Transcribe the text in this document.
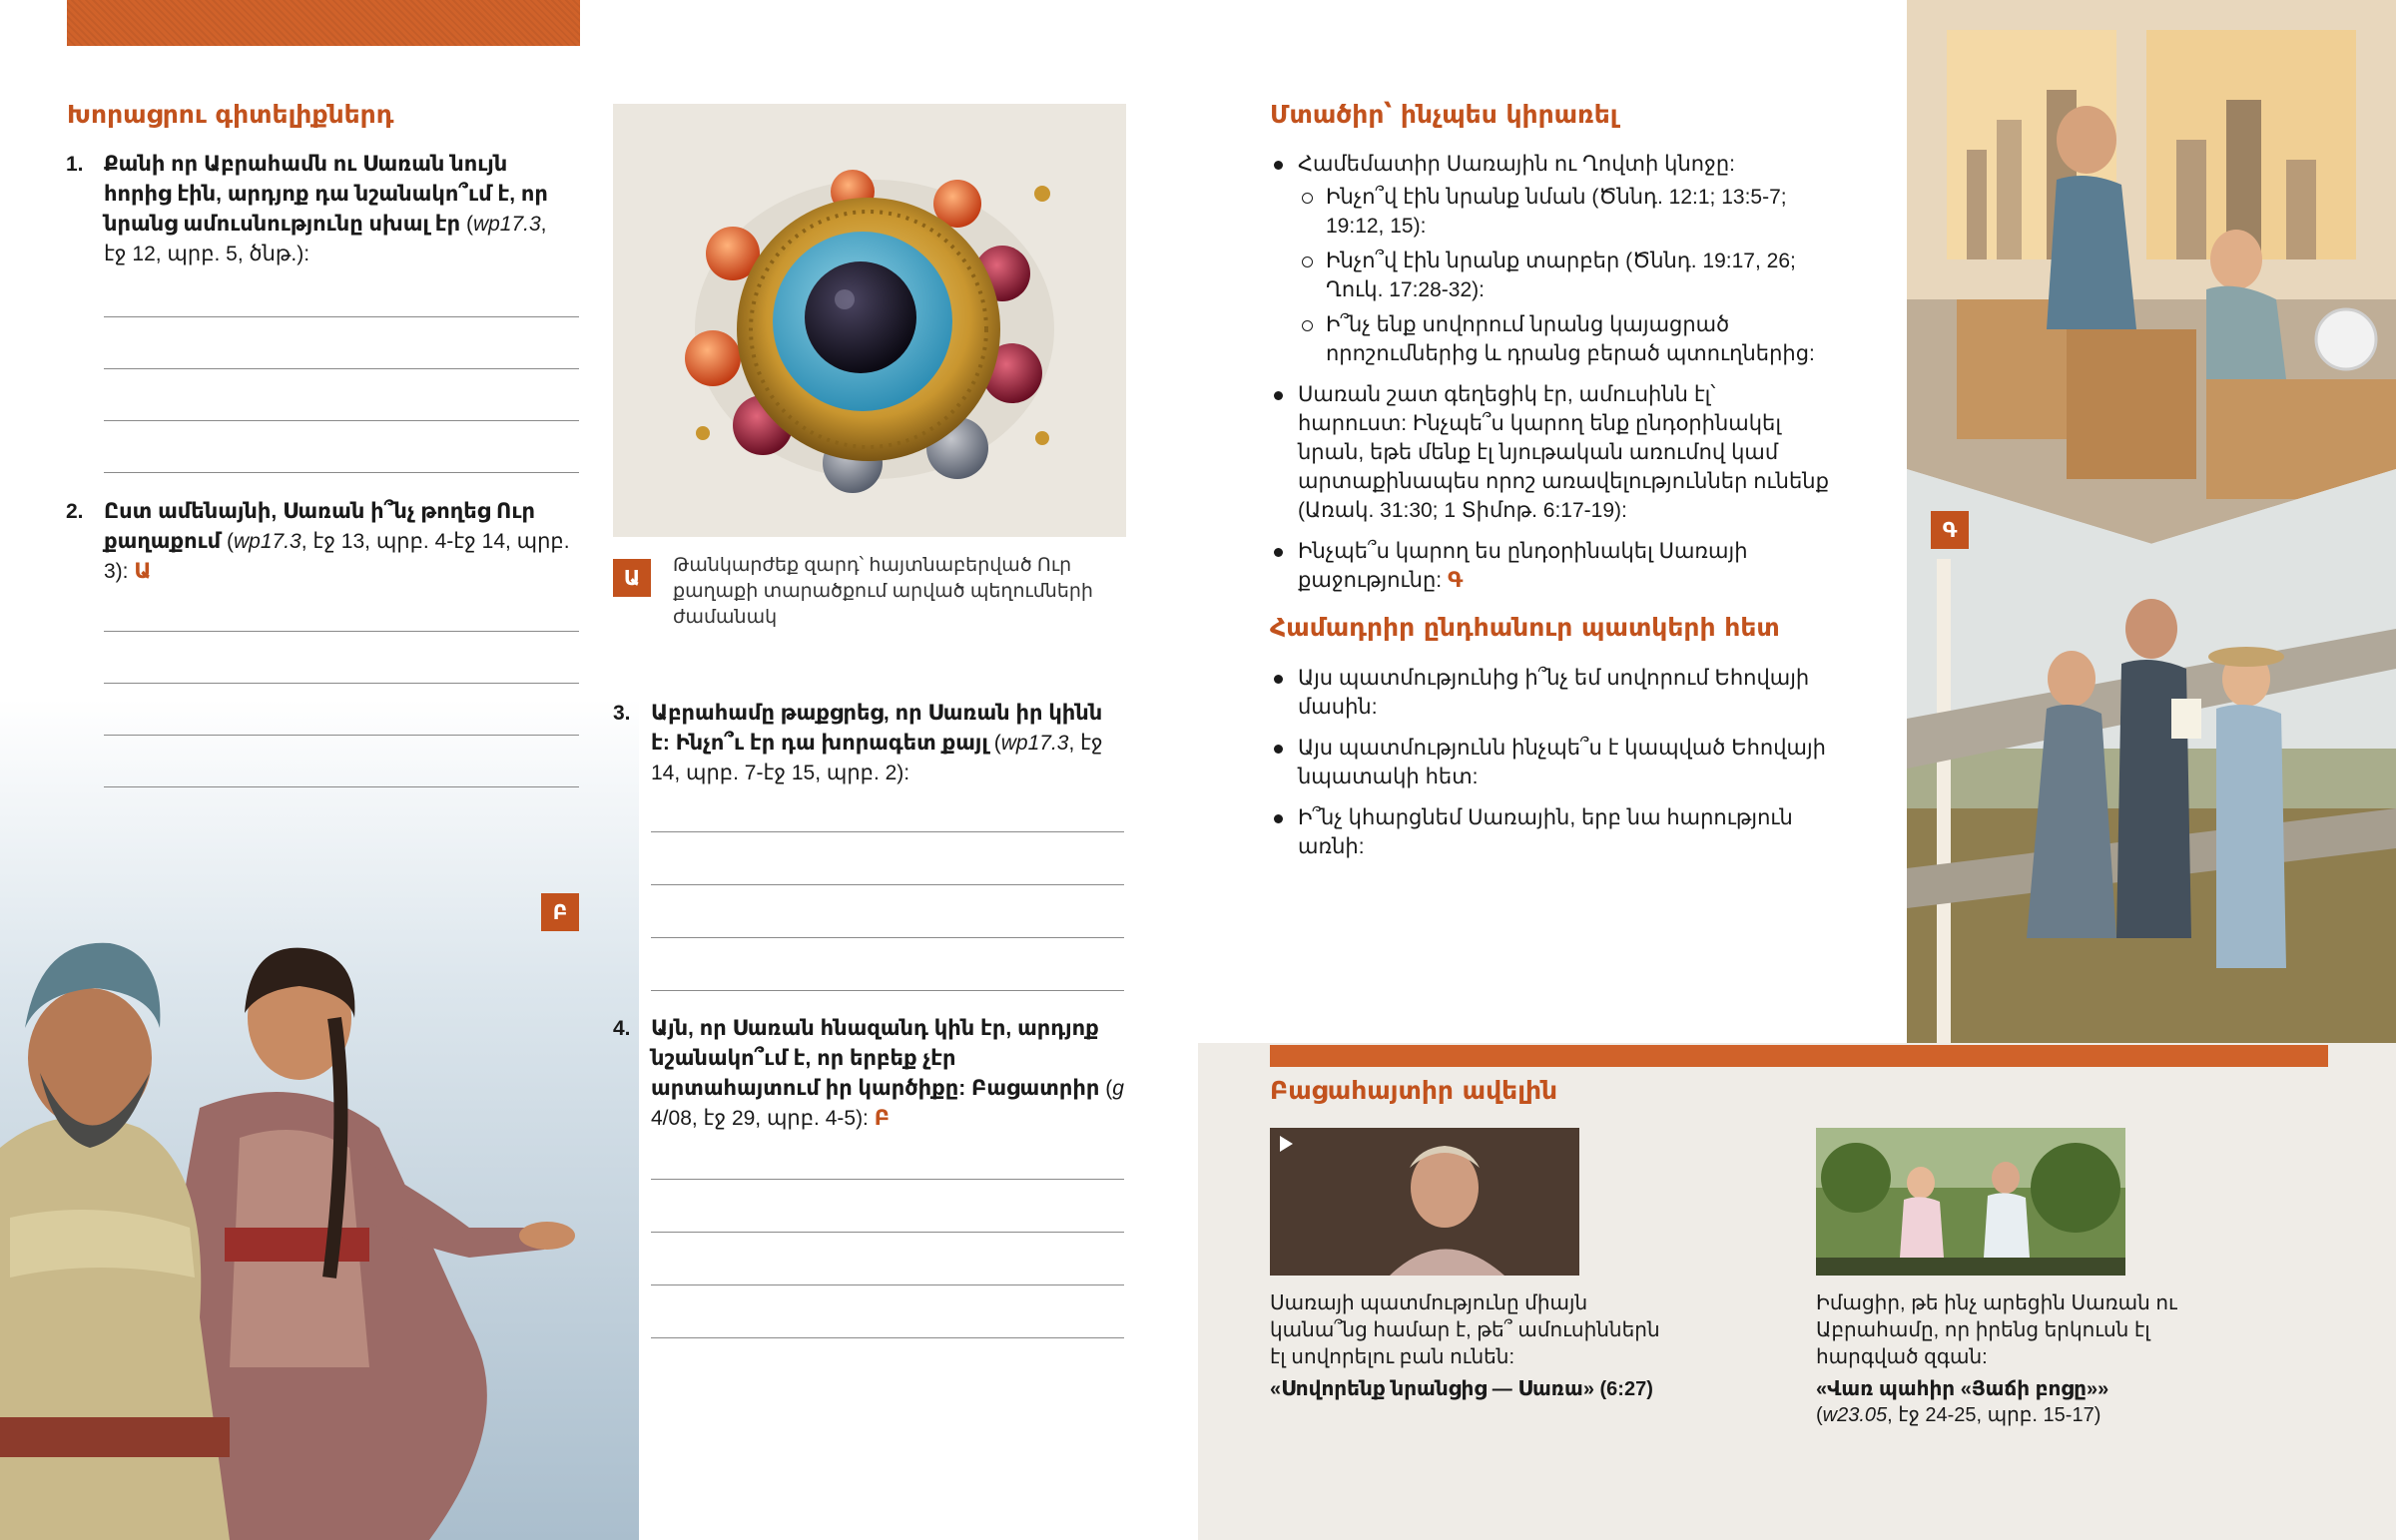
Խորացրու գիտելիքներդ
1. Քանի որ Աբրահամն ու Սառան նույն հորից էին, արդյոք դա նշանակո՞ւմ է, որ նրանց ամուսնությունը սխալ էր (wp17.3, էջ 12, պրբ. 5, ծնթ.):
2. Ըստ ամենայնի, Սառան ի՞նչ թողեց Ուր քաղաքում (wp17.3, էջ 13, պրբ. 4-էջ 14, պրբ. 3): Ա	Ա
Թանկարժեք զարդ՝ հայտնաբերված Ուր քաղաքի տարածքում արված պեղումների ժամանակ
3. Աբրահամը թաքցրեց, որ Սառան իր կինն է: Ինչո՞ւ էր դա խորագետ քայլ (wp17.3, էջ 14, պրբ. 7-էջ 15, պրբ. 2):
4. Այն, որ Սառան հնազանդ կին էր, արդյոք նշանակո՞ւմ է, որ երբեք չէր արտահայտում իր կարծիքը: Բացատրիր (g 4/08, էջ 29, պրբ. 4-5): Բ
Բ
Մտածիր՝ ինչպես կիրառել
Համեմատիր Սառային ու Ղովտի կնոջը:
Ինչո՞վ էին նրանք նման (Ծննդ. 12:1; 13:5-7; 19:12, 15):
Ինչո՞վ էին նրանք տարբեր (Ծննդ. 19:17, 26; Ղուկ. 17:28-32):
Ի՞նչ ենք սովորում նրանց կայացրած որոշումներից և դրանց բերած պտուղներից:
Սառան շատ գեղեցիկ էր, ամուսինն էլ՝ հարուստ: Ինչպե՞ս կարող ենք ընդօրինակել նրան, եթե մենք էլ նյութական առումով կամ արտաքինապես որոշ առավելություններ ունենք (Առակ. 31:30; 1 Տիմոթ. 6:17-19):
Ինչպե՞ս կարող ես ընդօրինակել Սառայի քաջությունը: Գ
Համադրիր ընդհանուր պատկերի հետ
Այս պատմությունից ի՞նչ եմ սովորում Եհովայի մասին:
Այս պատմությունն ինչպե՞ս է կապված Եհովայի նպատակի հետ:
Ի՞նչ կհարցնեմ Սառային, երբ նա հարություն առնի:
Գ
Բացահայտիր ավելին
Սառայի պատմությունը միայն կանա՞նց համար է, թե՞ ամուսիններն էլ սովորելու բան ունեն:
«Սովորենք նրանցից — Սառա» (6:27)
Իմացիր, թե ինչ արեցին Սառան ու Աբրահամը, որ իրենց երկուսն էլ հարգված զգան:
«Վառ պահիր «Յաճի բոցը»»
(w23.05, էջ 24-25, պրբ. 15-17)
